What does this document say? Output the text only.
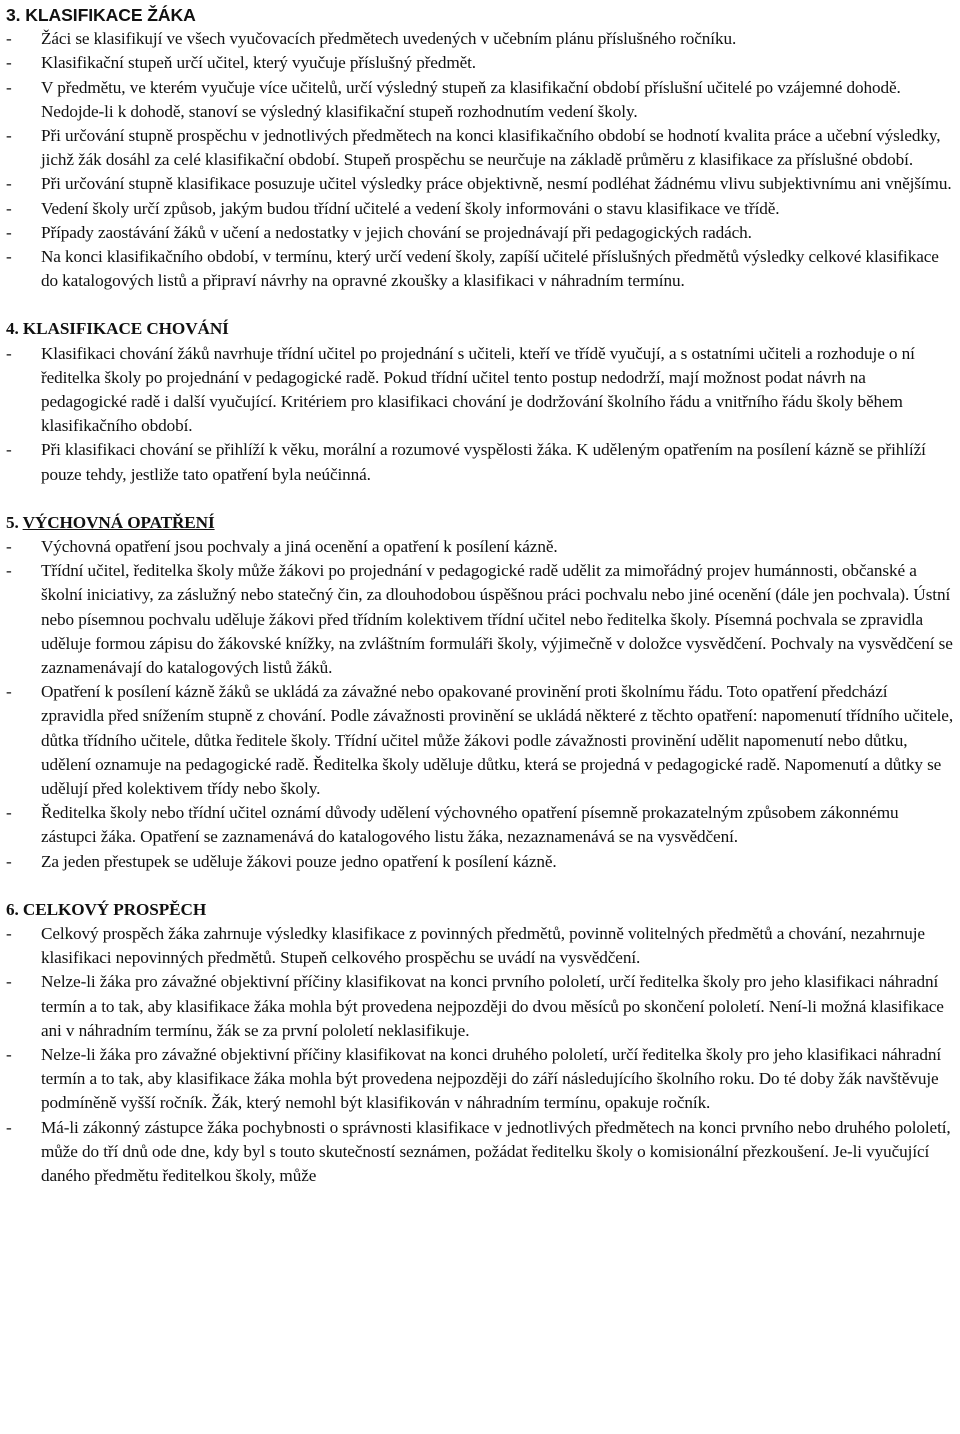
3. KLASIFIKACE ŽÁKA
-	Žáci se klasifikují ve všech vyučovacích předmětech uvedených v učebním plánu příslušného ročníku.
-	Klasifikační stupeň určí učitel, který vyučuje příslušný předmět.
-	V předmětu, ve kterém vyučuje více učitelů, určí výsledný stupeň za klasifikační období příslušní učitelé po vzájemné dohodě. Nedojde-li k dohodě, stanoví se výsledný klasifikační stupeň rozhodnutím vedení školy.
-	Při určování stupně prospěchu v jednotlivých předmětech na konci klasifikačního období se hodnotí kvalita práce a učební výsledky, jichž žák dosáhl za celé klasifikační období. Stupeň prospěchu se neurčuje na základě průměru z klasifikace za příslušné období.
-	Při určování stupně klasifikace posuzuje učitel výsledky práce objektivně, nesmí podléhat žádnému vlivu subjektivnímu ani vnějšímu.
-	Vedení školy určí způsob, jakým budou třídní učitelé a vedení školy informováni o stavu klasifikace ve třídě.
-	Případy zaostávání žáků v učení a nedostatky v jejich chování se projednávají při pedagogických radách.
-	Na konci klasifikačního období, v termínu, který určí vedení školy, zapíší učitelé příslušných předmětů výsledky celkové klasifikace do katalogových listů a připraví návrhy na opravné zkoušky a klasifikaci v náhradním termínu.
4. KLASIFIKACE CHOVÁNÍ
-	Klasifikaci chování žáků navrhuje třídní učitel po projednání s učiteli, kteří ve třídě vyučují, a s ostatními učiteli a rozhoduje o ní ředitelka školy po projednání v pedagogické radě. Pokud třídní učitel tento postup nedodrží, mají možnost podat návrh na pedagogické radě i další vyučující. Kritériem pro klasifikaci chování je dodržování školního řádu a vnitřního řádu školy během klasifikačního období.
-	Při klasifikaci chování se přihlíží k věku, morální a rozumové vyspělosti žáka. K uděleným opatřením na posílení kázně se přihlíží pouze tehdy, jestliže tato opatření byla neúčinná.
5. VÝCHOVNÁ OPATŘENÍ
-	Výchovná opatření jsou pochvaly a jiná ocenění a opatření k posílení kázně.
-	Třídní učitel, ředitelka školy může žákovi po projednání v pedagogické radě udělit za mimořádný projev humánnosti, občanské a školní iniciativy, za záslužný nebo statečný čin, za dlouhodobou úspěšnou práci pochvalu nebo jiné ocenění (dále jen pochvala). Ústní nebo písemnou pochvalu uděluje žákovi před třídním kolektivem třídní učitel nebo ředitelka školy. Písemná pochvala se zpravidla uděluje formou zápisu do žákovské knížky, na zvláštním formuláři školy, výjimečně v doložce vysvědčení. Pochvaly na vysvědčení se zaznamenávají do katalogových listů žáků.
-	Opatření k posílení kázně žáků se ukládá za závažné nebo opakované provinění proti školnímu řádu. Toto opatření předchází zpravidla před snížením stupně z chování. Podle závažnosti provinění se ukládá některé z těchto opatření: napomenutí třídního učitele, důtka třídního učitele, důtka ředitele školy. Třídní učitel může žákovi podle závažnosti provinění udělit napomenutí nebo důtku, udělení oznamuje na pedagogické radě. Ředitelka školy uděluje důtku, která se projedná v pedagogické radě. Napomenutí a důtky se udělují před kolektivem třídy nebo školy.
-	Ředitelka školy nebo třídní učitel oznámí důvody udělení výchovného opatření písemně prokazatelným způsobem zákonnému zástupci žáka. Opatření se zaznamenává do katalogového listu žáka, nezaznamenává se na vysvědčení.
-	Za jeden přestupek se uděluje žákovi pouze jedno opatření k posílení kázně.
6. CELKOVÝ PROSPĚCH
-	Celkový prospěch žáka zahrnuje výsledky klasifikace z povinných předmětů, povinně volitelných předmětů a chování, nezahrnuje klasifikaci nepovinných předmětů. Stupeň celkového prospěchu se uvádí na vysvědčení.
-	Nelze-li žáka pro závažné objektivní příčiny klasifikovat na konci prvního pololetí, určí ředitelka školy pro jeho klasifikaci náhradní termín a to tak, aby klasifikace žáka mohla být provedena nejpozději do dvou měsíců po skončení pololetí. Není-li možná klasifikace ani v náhradním termínu, žák se za první pololetí neklasifikuje.
-	Nelze-li žáka pro závažné objektivní příčiny klasifikovat na konci druhého pololetí, určí ředitelka školy pro jeho klasifikaci náhradní termín a to tak, aby klasifikace žáka mohla být provedena nejpozději do září následujícího školního roku. Do té doby žák navštěvuje podmíněně vyšší ročník. Žák, který nemohl být klasifikován v náhradním termínu, opakuje ročník.
-	Má-li zákonný zástupce žáka pochybnosti o správnosti klasifikace v jednotlivých předmětech na konci prvního nebo druhého pololetí, může do tří dnů ode dne, kdy byl s touto skutečností seznámen, požádat ředitelku školy o komisionální přezkoušení. Je-li vyučující daného předmětu ředitelkou školy, může
